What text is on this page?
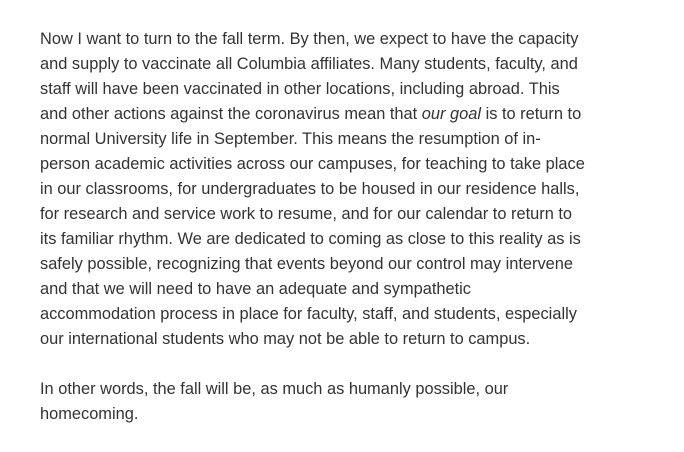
Now I want to turn to the fall term. By then, we expect to have the capacity
and supply to vaccinate all Columbia affiliates. Many students, faculty, and
staff will have been vaccinated in other locations, including abroad. This
and other actions against the coronavirus mean that our goal is to return to
normal University life in September. This means the resumption of in-
person academic activities across our campuses, for teaching to take place
in our classrooms, for undergraduates to be housed in our residence halls,
for research and service work to resume, and for our calendar to return to
its familiar rhythm. We are dedicated to coming as close to this reality as is
safely possible, recognizing that events beyond our control may intervene
and that we will need to have an adequate and sympathetic
accommodation process in place for faculty, staff, and students, especially
our international students who may not be able to return to campus.

In other words, the fall will be, as much as humanly possible, our
homecoming.
